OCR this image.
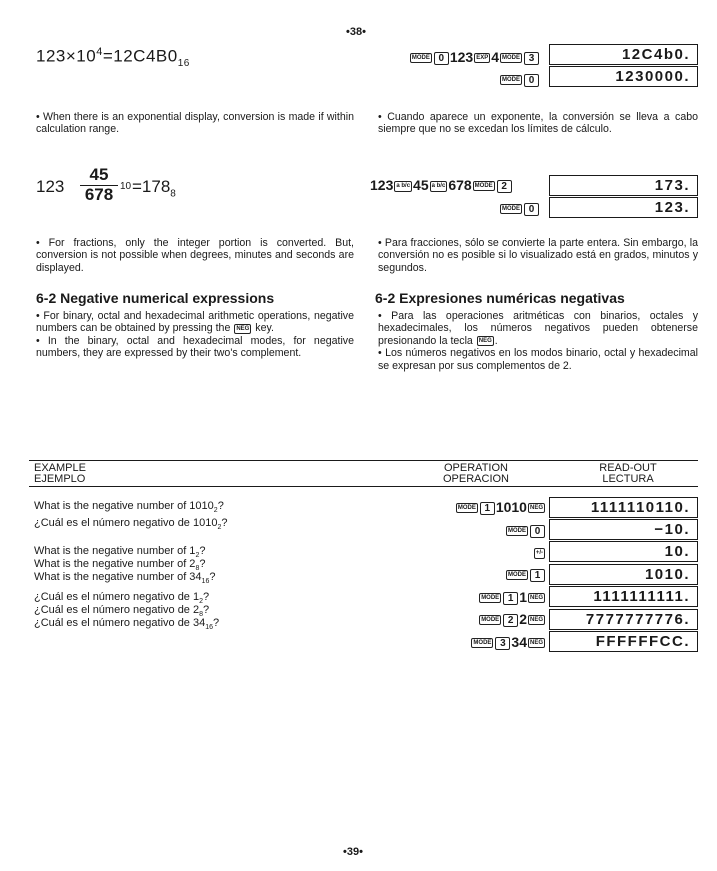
•38•
$123\times 10^4=12C4B0_{16}$	MODE 0 123 EXP 4 MODE 3
MODE 0
12C4b0.
1230000.
• When there is an exponential display, conversion is made if within calculation range.
• Cuando aparece un exponente, la conversión se lleva a cabo siempre que no se excedan los límites de cálculo.
123
45
678 $10 =178_8$
123 a b/c 45 a b/c 678 MODE 2
MODE 0
173.
123.
• For fractions, only the integer portion is converted. But, conversion is not possible when degrees, minutes and seconds are displayed.
• Para fracciones, sólo se convierte la parte entera. Sin embargo, la conversión no es posible si lo visualizado está en grados, minutos y segundos.
6-2 Negative numerical expressions	6-2 Expresiones numéricas negativas

• For binary, octal and hexadecimal arithmetic operations, negative numbers can be obtained by pressing the NEG key.

• In the binary, octal and hexadecimal modes, for negative numbers, they are expressed by their two's complement.

• Para las operaciones aritméticas con binarios, octales y hexadecimales, los números negativos pueden obtenerse presionando la tecla NEG .

• Los números negativos en los modos binario, octal y hexadecimal se expresan por sus complementos de 2.

EXAMPLE
EJEMPLO
OPERATION
OPERACION
READ-OUT
LECTURA
What is the negative number of $1010_2$?
¿Cuál es el número negativo de $1010_2$?
What is the negative number of $1_2$?
What is the negative number of $2_8$?
What is the negative number of $34_{16}$?
¿Cuál es el número negativo de $1_2$?
¿Cuál es el número negativo de $2_8$?
¿Cuál es el número negativo de $34_{16}$?
MODE 1 1010 NEG
MODE 0
+/-
MODE 1
MODE 1 1 NEG
MODE 2 2 NEG
MODE 3 34 NEG
1111110110.
−10.
10.
1010.
1111111111.
7777777776.
FFFFFFCC.
•39•
